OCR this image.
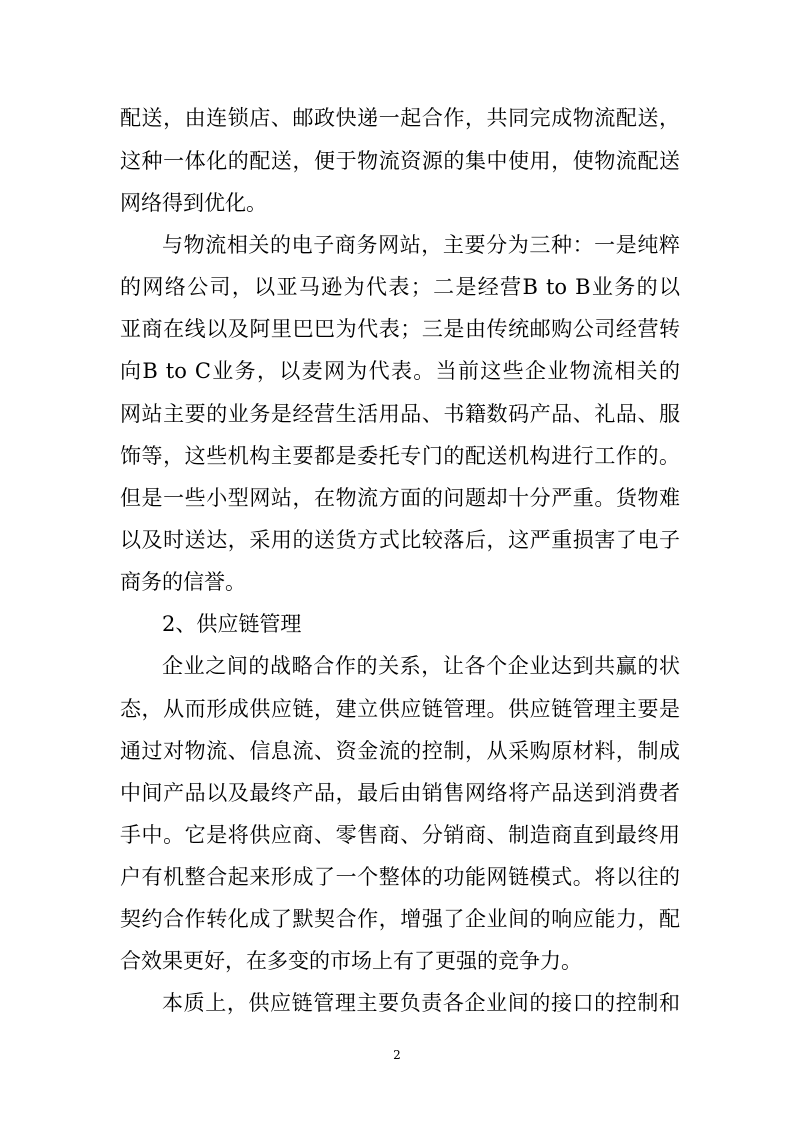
配送，由连锁店、邮政快递一起合作，共同完成物流配送，
这种一体化的配送，便于物流资源的集中使用，使物流配送
网络得到优化。
与物流相关的电子商务网站，主要分为三种：一是纯粹
的网络公司，以亚马逊为代表；二是经营B to B业务的以
亚商在线以及阿里巴巴为代表；三是由传统邮购公司经营转
向B to C业务，以麦网为代表。当前这些企业物流相关的
网站主要的业务是经营生活用品、书籍数码产品、礼品、服
饰等，这些机构主要都是委托专门的配送机构进行工作的。
但是一些小型网站，在物流方面的问题却十分严重。货物难
以及时送达，采用的送货方式比较落后，这严重损害了电子
商务的信誉。
2、供应链管理
企业之间的战略合作的关系，让各个企业达到共赢的状
态，从而形成供应链，建立供应链管理。供应链管理主要是
通过对物流、信息流、资金流的控制，从采购原材料，制成
中间产品以及最终产品，最后由销售网络将产品送到消费者
手中。它是将供应商、零售商、分销商、制造商直到最终用
户有机整合起来形成了一个整体的功能网链模式。将以往的
契约合作转化成了默契合作，增强了企业间的响应能力，配
合效果更好，在多变的市场上有了更强的竞争力。
本质上，供应链管理主要负责各企业间的接口的控制和
2
